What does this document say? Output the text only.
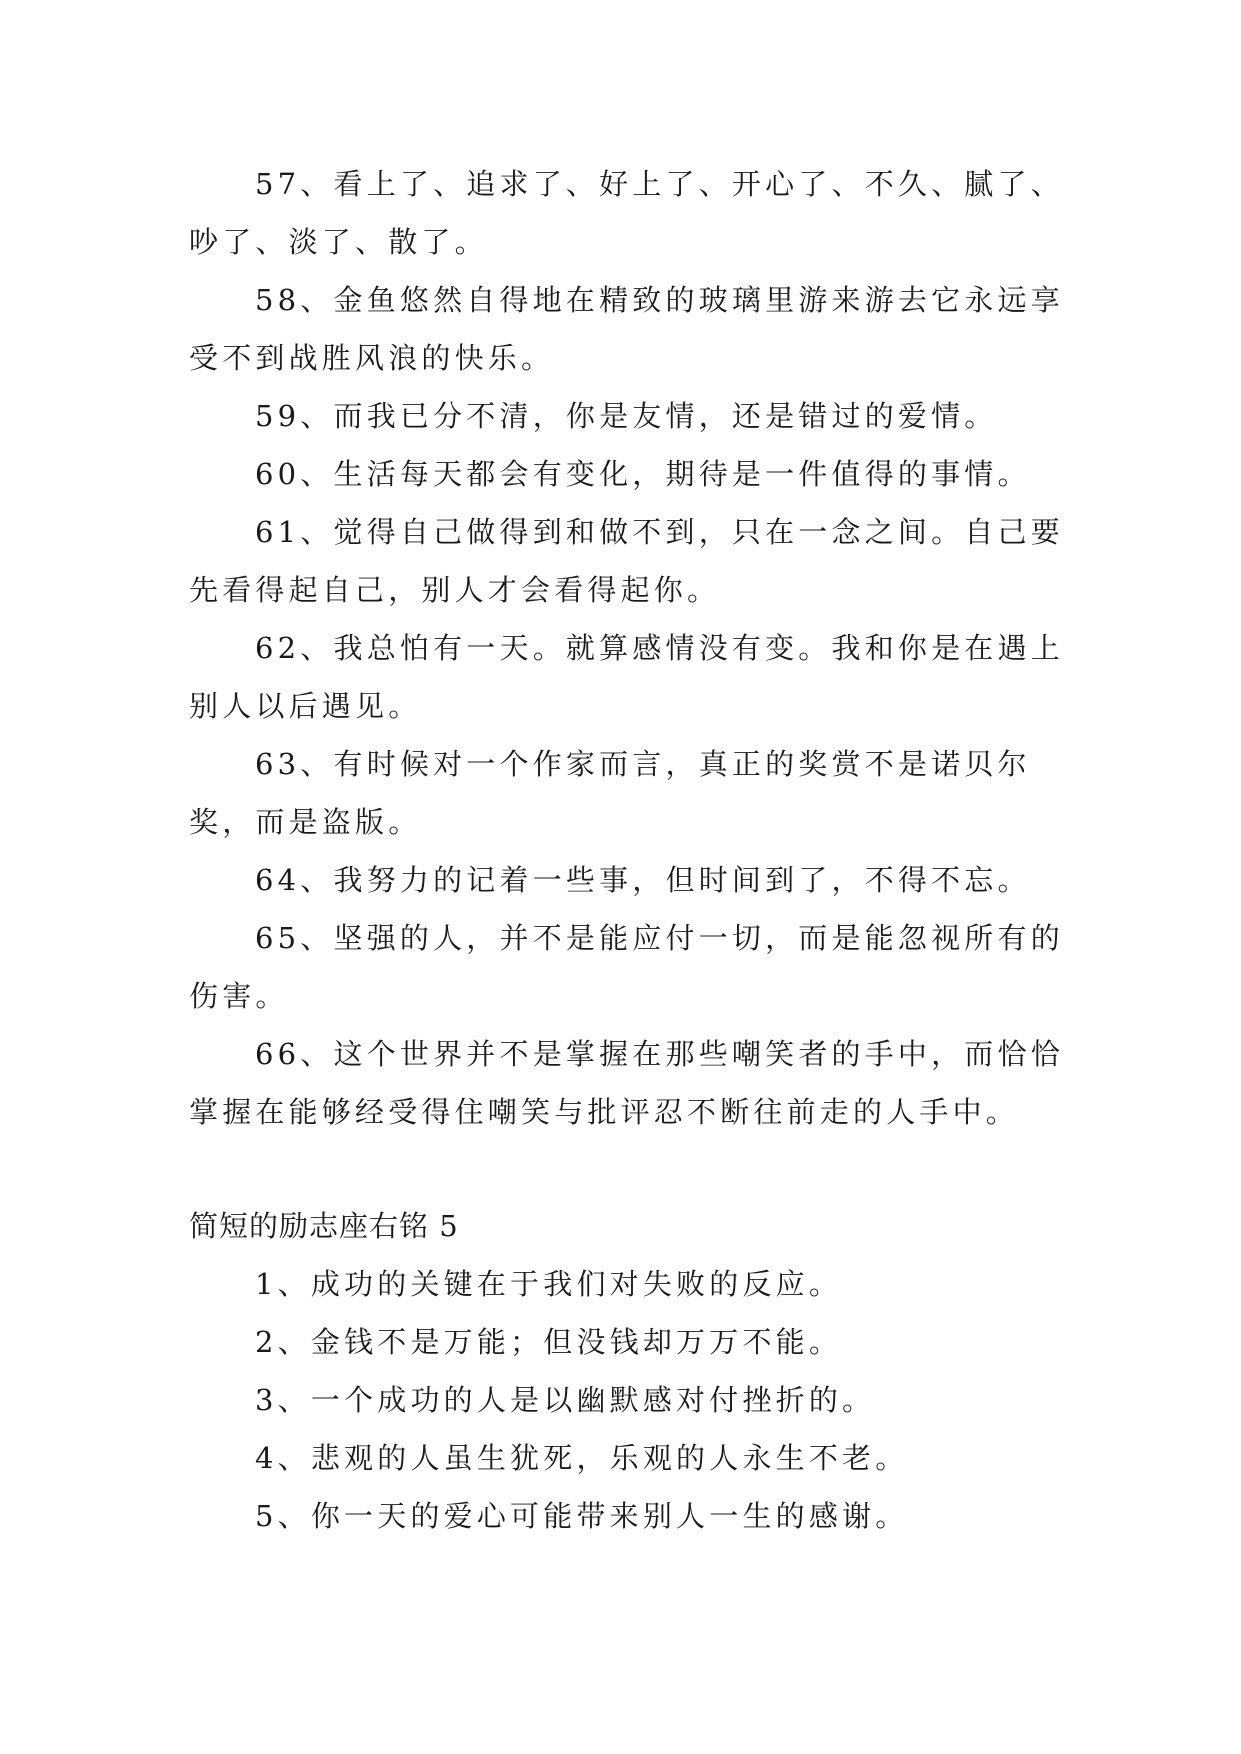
57、看上了、追求了、好上了、开心了、不久、腻了、吵了、淡了、散了。

58、金鱼悠然自得地在精致的玻璃里游来游去它永远享受不到战胜风浪的快乐。

59、而我已分不清，你是友情，还是错过的爱情。

60、生活每天都会有变化，期待是一件值得的事情。

61、觉得自己做得到和做不到，只在一念之间。自己要先看得起自己，别人才会看得起你。

62、我总怕有一天。就算感情没有变。我和你是在遇上别人以后遇见。

63、有时候对一个作家而言，真正的奖赏不是诺贝尔奖，而是盗版。

64、我努力的记着一些事，但时间到了，不得不忘。

65、坚强的人，并不是能应付一切，而是能忽视所有的伤害。

66、这个世界并不是掌握在那些嘲笑者的手中，而恰恰掌握在能够经受得住嘲笑与批评忍不断往前走的人手中。

简短的励志座右铭 5

1、成功的关键在于我们对失败的反应。

2、金钱不是万能；但没钱却万万不能。

3、一个成功的人是以幽默感对付挫折的。

4、悲观的人虽生犹死，乐观的人永生不老。

5、你一天的爱心可能带来别人一生的感谢。
